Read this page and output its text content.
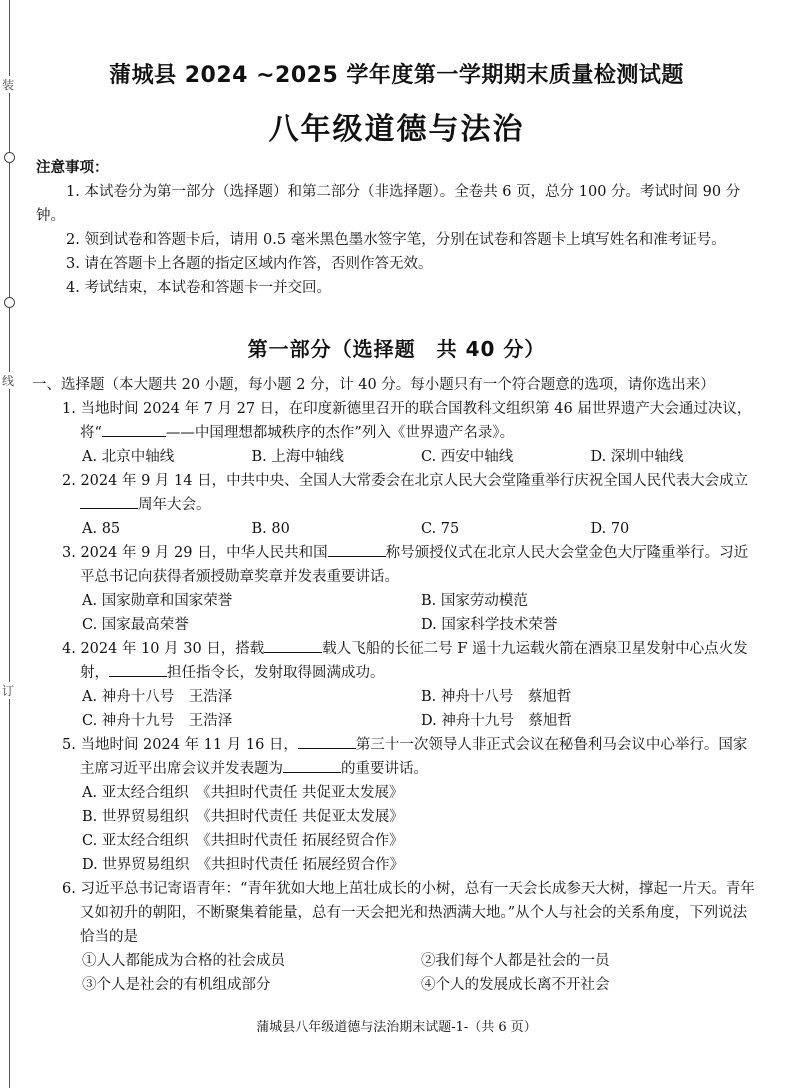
装
线
订
蒲城县 2024 ~2025 学年度第一学期期末质量检测试题
八年级道德与法治

注意事项：

1. 本试卷分为第一部分（选择题）和第二部分（非选择题）。全卷共 6 页，总分 100 分。考试时间 90 分钟。

2. 领到试卷和答题卡后，请用 0.5 毫米黑色墨水签字笔，分别在试卷和答题卡上填写姓名和准考证号。

3. 请在答题卡上各题的指定区域内作答，否则作答无效。

4. 考试结束，本试卷和答题卡一并交回。

第一部分（选择题　共 40 分）

一、选择题（本大题共 20 小题，每小题 2 分，计 40 分。每小题只有一个符合题意的选项，请你选出来）

1. 当地时间 2024 年 7 月 27 日，在印度新德里召开的联合国教科文组织第 46 届世界遗产大会通过决议，将“	——中国理想都城秩序的杰作”列入《世界遗产名录》。

A. 北京中轴线	B. 上海中轴线	C. 西安中轴线	D. 深圳中轴线

2. 2024 年 9 月 14 日，中共中央、全国人大常委会在北京人民大会堂隆重举行庆祝全国人民代表大会成立周年大会。

A. 85	B. 80	C. 75	D. 70

3. 2024 年 9 月 29 日，中华人民共和国	称号颁授仪式在北京人民大会堂金色大厅隆重举行。习近平总书记向获得者颁授勋章奖章并发表重要讲话。

A. 国家勋章和国家荣誉	B. 国家劳动模范
C. 国家最高荣誉	D. 国家科学技术荣誉

4. 2024 年 10 月 30 日，搭载	载人飞船的长征二号 F 遥十九运载火箭在酒泉卫星发射中心点火发射，	担任指令长，发射取得圆满成功。

A. 神舟十八号　王浩泽	B. 神舟十八号　蔡旭哲
C. 神舟十九号　王浩泽	D. 神舟十九号　蔡旭哲

5. 当地时间 2024 年 11 月 16 日，	第三十一次领导人非正式会议在秘鲁利马会议中心举行。国家主席习近平出席会议并发表题为	的重要讲话。

A. 亚太经合组织　《共担时代责任 共促亚太发展》

B. 世界贸易组织　《共担时代责任 共促亚太发展》

C. 亚太经合组织　《共担时代责任 拓展经贸合作》

D. 世界贸易组织　《共担时代责任 拓展经贸合作》

6. 习近平总书记寄语青年：“青年犹如大地上茁壮成长的小树，总有一天会长成参天大树，撑起一片天。青年又如初升的朝阳，不断聚集着能量，总有一天会把光和热洒满大地。”从个人与社会的关系角度，下列说法恰当的是

①人人都能成为合格的社会成员	②我们每个人都是社会的一员
③个人是社会的有机组成部分	④个人的发展成长离不开社会
蒲城县八年级道德与法治期末试题-1-（共 6 页）
